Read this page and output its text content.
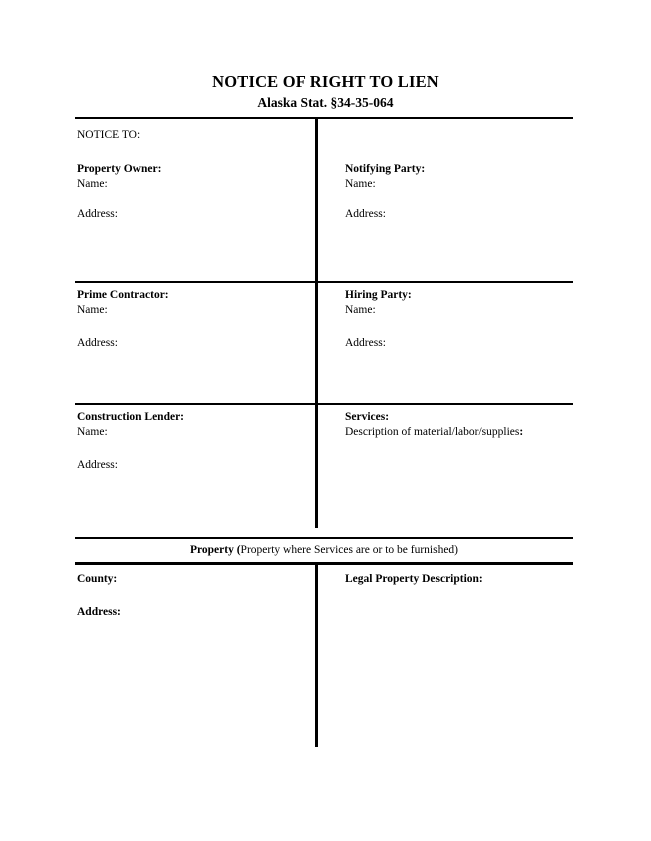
NOTICE OF RIGHT TO LIEN
Alaska Stat. §34-35-064
NOTICE TO:
Property Owner:
Name:
Address:
Notifying Party:
Name:
Address:
Prime Contractor:
Name:
Address:
Hiring Party:
Name:
Address:
Construction Lender:
Name:
Address:
Services:
Description of material/labor/supplies:
Property (Property where Services are or to be furnished)
County:
Address:
Legal Property Description:
